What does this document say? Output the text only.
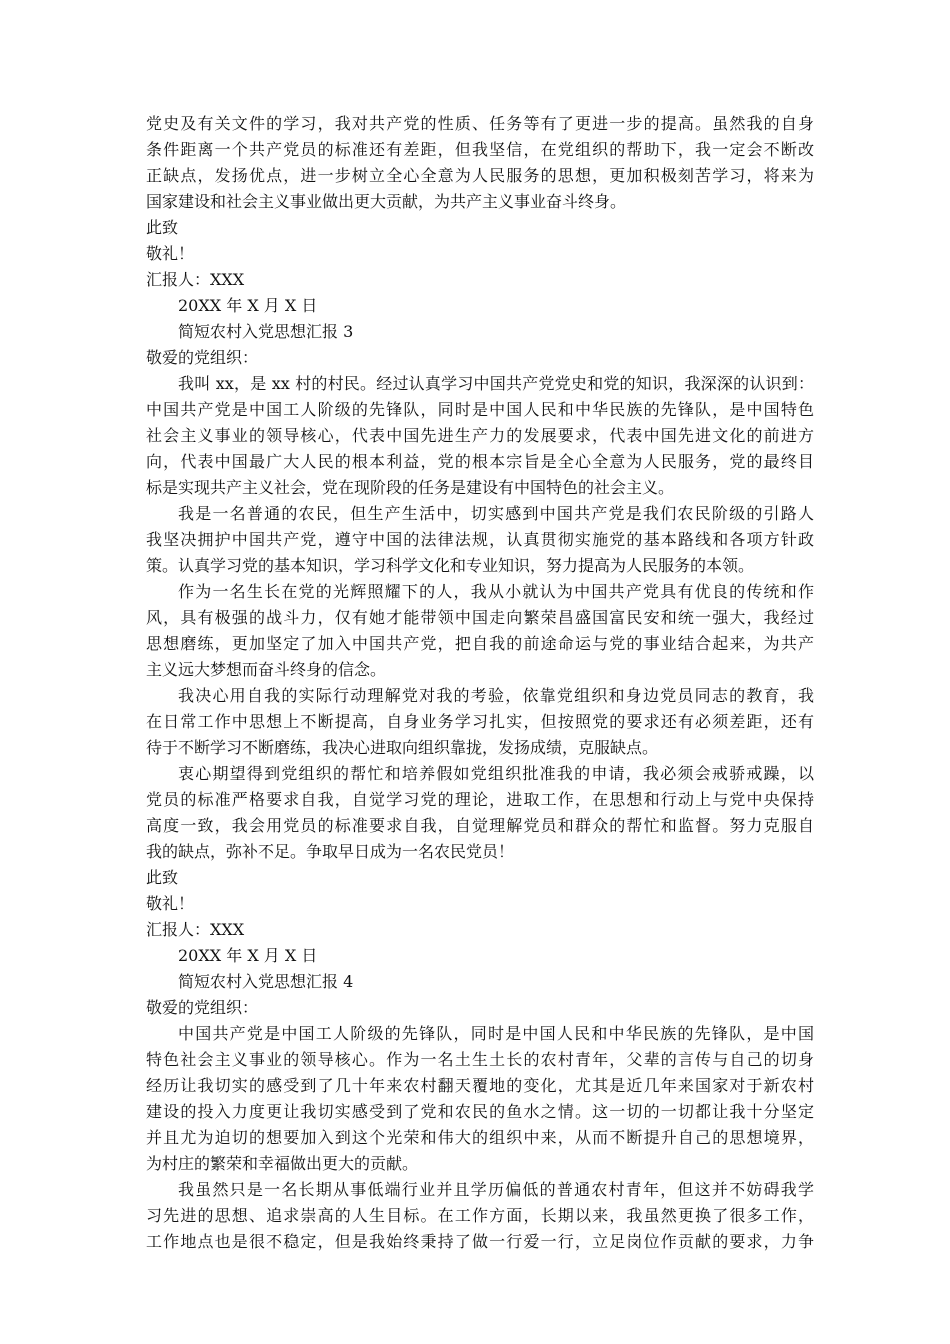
党史及有关文件的学习，我对共产党的性质、任务等有了更进一步的提高。虽然我的自身
条件距离一个共产党员的标准还有差距，但我坚信，在党组织的帮助下，我一定会不断改
正缺点，发扬优点，进一步树立全心全意为人民服务的思想，更加积极刻苦学习，将来为
国家建设和社会主义事业做出更大贡献，为共产主义事业奋斗终身。
此致
敬礼！
汇报人：XXX
20XX 年 X 月 X 日
简短农村入党思想汇报 3
敬爱的党组织：
我叫 xx，是 xx 村的村民。经过认真学习中国共产党党史和党的知识，我深深的认识到：
中国共产党是中国工人阶级的先锋队，同时是中国人民和中华民族的先锋队，是中国特色
社会主义事业的领导核心，代表中国先进生产力的发展要求，代表中国先进文化的前进方
向，代表中国最广大人民的根本利益，党的根本宗旨是全心全意为人民服务，党的最终目
标是实现共产主义社会，党在现阶段的任务是建设有中国特色的社会主义。
我是一名普通的农民，但生产生活中，切实感到中国共产党是我们农民阶级的引路人
我坚决拥护中国共产党，遵守中国的法律法规，认真贯彻实施党的基本路线和各项方针政
策。认真学习党的基本知识，学习科学文化和专业知识，努力提高为人民服务的本领。
作为一名生长在党的光辉照耀下的人，我从小就认为中国共产党具有优良的传统和作
风，具有极强的战斗力，仅有她才能带领中国走向繁荣昌盛国富民安和统一强大，我经过
思想磨练，更加坚定了加入中国共产党，把自我的前途命运与党的事业结合起来，为共产
主义远大梦想而奋斗终身的信念。
我决心用自我的实际行动理解党对我的考验，依靠党组织和身边党员同志的教育，我
在日常工作中思想上不断提高，自身业务学习扎实，但按照党的要求还有必须差距，还有
待于不断学习不断磨练，我决心进取向组织靠拢，发扬成绩，克服缺点。
衷心期望得到党组织的帮忙和培养假如党组织批准我的申请，我必须会戒骄戒躁，以
党员的标准严格要求自我，自觉学习党的理论，进取工作，在思想和行动上与党中央保持
高度一致，我会用党员的标准要求自我，自觉理解党员和群众的帮忙和监督。努力克服自
我的缺点，弥补不足。争取早日成为一名农民党员！
此致
敬礼！
汇报人：XXX
20XX 年 X 月 X 日
简短农村入党思想汇报 4
敬爱的党组织：
中国共产党是中国工人阶级的先锋队，同时是中国人民和中华民族的先锋队，是中国
特色社会主义事业的领导核心。作为一名土生土长的农村青年，父辈的言传与自己的切身
经历让我切实的感受到了几十年来农村翻天覆地的变化，尤其是近几年来国家对于新农村
建设的投入力度更让我切实感受到了党和农民的鱼水之情。这一切的一切都让我十分坚定
并且尤为迫切的想要加入到这个光荣和伟大的组织中来，从而不断提升自己的思想境界，
为村庄的繁荣和幸福做出更大的贡献。
我虽然只是一名长期从事低端行业并且学历偏低的普通农村青年，但这并不妨碍我学
习先进的思想、追求崇高的人生目标。在工作方面，长期以来，我虽然更换了很多工作，
工作地点也是很不稳定，但是我始终秉持了做一行爱一行，立足岗位作贡献的要求，力争
